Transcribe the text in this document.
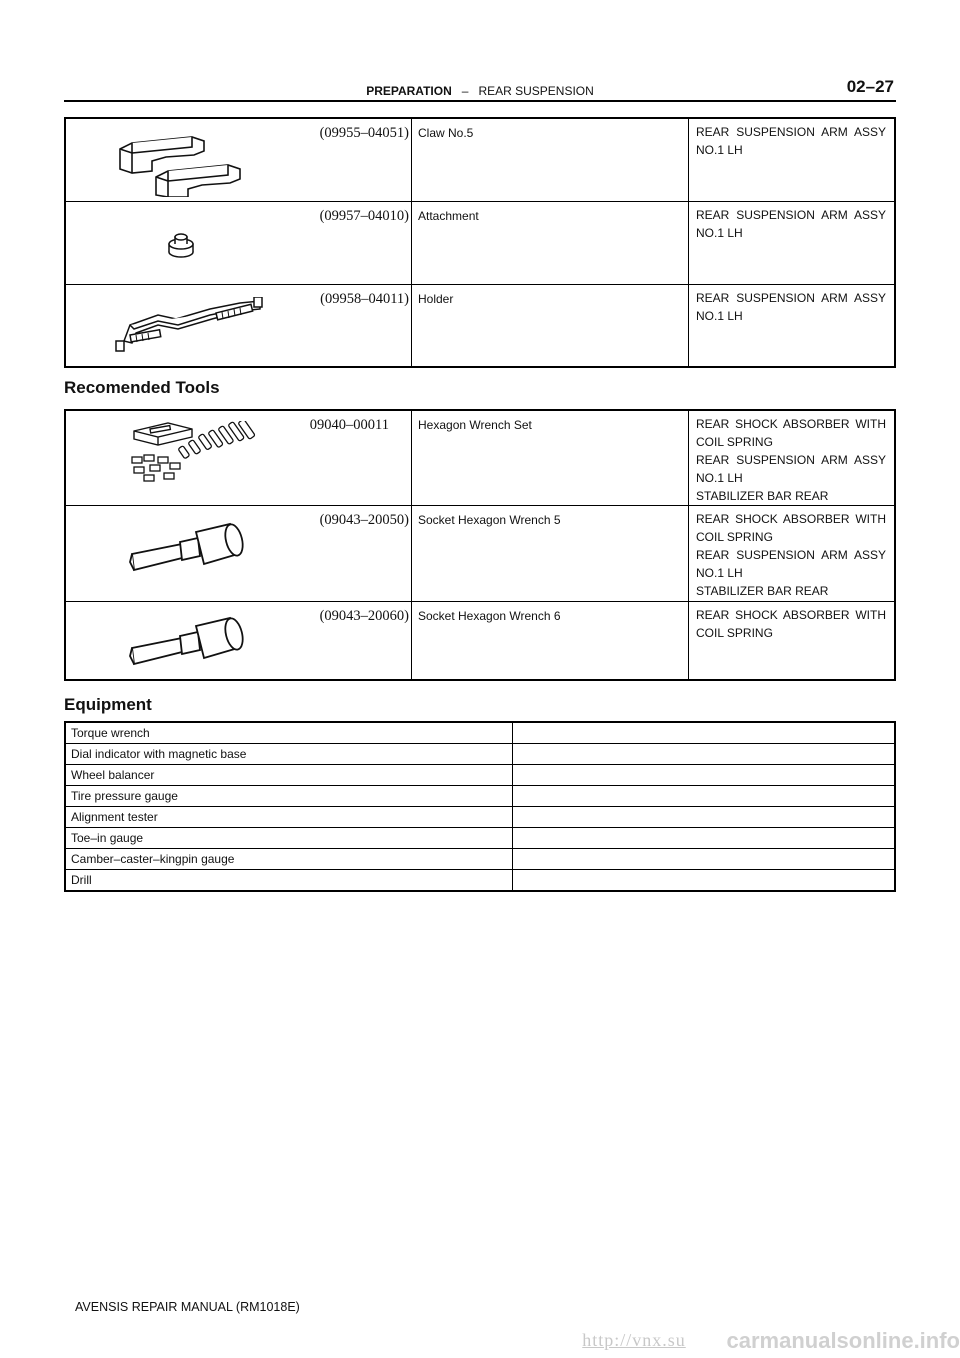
PREPARATION – REAR SUSPENSION	02–27
(09955–04051)	Claw No.5	REAR SUSPENSION ARM ASSY
NO.1 LH

(09957–04010)	Attachment	REAR SUSPENSION ARM ASSY
NO.1 LH

(09958–04011)	Holder	REAR SUSPENSION ARM ASSY
NO.1 LH
Recomended Tools
09040–00011	Hexagon Wrench Set	REAR SHOCK ABSORBER WITH
COIL SPRING
REAR SUSPENSION ARM ASSY
NO.1 LH
STABILIZER BAR REAR

(09043–20050)	Socket Hexagon Wrench 5	REAR SHOCK ABSORBER WITH
COIL SPRING
REAR SUSPENSION ARM ASSY
NO.1 LH
STABILIZER BAR REAR

(09043–20060)	Socket Hexagon Wrench 6	REAR SHOCK ABSORBER WITH
COIL SPRING
Equipment
Torque wrench	
Dial indicator with magnetic base	
Wheel balancer	
Tire pressure gauge	
Alignment tester	
Toe–in gauge	
Camber–caster–kingpin gauge	
Drill	
AVENSIS REPAIR MANUAL (RM1018E)
http://vnx.su	carmanualsonline.info
